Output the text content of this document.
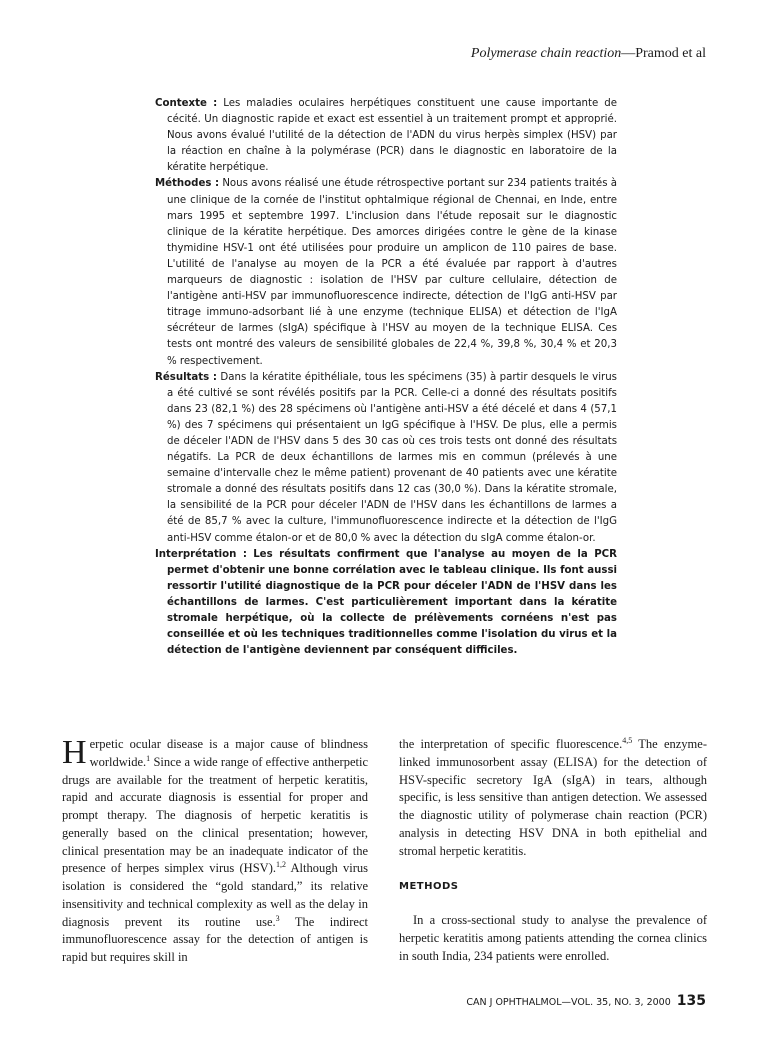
Polymerase chain reaction—Pramod et al

Contexte : Les maladies oculaires herpétiques constituent une cause importante de cécité. Un diagnostic rapide et exact est essentiel à un traitement prompt et approprié. Nous avons évalué l'utilité de la détection de l'ADN du virus herpès simplex (HSV) par la réaction en chaîne à la polymérase (PCR) dans le diagnostic en laboratoire de la kératite herpétique.

Méthodes : Nous avons réalisé une étude rétrospective portant sur 234 patients traités à une clinique de la cornée de l'institut ophtalmique régional de Chennai, en Inde, entre mars 1995 et septembre 1997. L'inclusion dans l'étude reposait sur le diagnostic clinique de la kératite herpétique. Des amorces dirigées contre le gène de la kinase thymidine HSV-1 ont été utilisées pour produire un amplicon de 110 paires de base. L'utilité de l'analyse au moyen de la PCR a été évaluée par rapport à d'autres marqueurs de diagnostic : isolation de l'HSV par culture cellulaire, détection de l'antigène anti-HSV par immunofluorescence indirecte, détection de l'IgG anti-HSV par titrage immuno-adsorbant lié à une enzyme (technique ELISA) et détection de l'IgA sécréteur de larmes (sIgA) spécifique à l'HSV au moyen de la technique ELISA. Ces tests ont montré des valeurs de sensibilité globales de 22,4 %, 39,8 %, 30,4 % et 20,3 % respectivement.

Résultats : Dans la kératite épithéliale, tous les spécimens (35) à partir desquels le virus a été cultivé se sont révélés positifs par la PCR. Celle-ci a donné des résultats positifs dans 23 (82,1 %) des 28 spécimens où l'antigène anti-HSV a été décelé et dans 4 (57,1 %) des 7 spécimens qui présentaient un IgG spécifique à l'HSV. De plus, elle a permis de déceler l'ADN de l'HSV dans 5 des 30 cas où ces trois tests ont donné des résultats négatifs. La PCR de deux échantillons de larmes mis en commun (prélevés à une semaine d'intervalle chez le même patient) provenant de 40 patients avec une kératite stromale a donné des résultats positifs dans 12 cas (30,0 %). Dans la kératite stromale, la sensibilité de la PCR pour déceler l'ADN de l'HSV dans les échantillons de larmes a été de 85,7 % avec la culture, l'immunofluorescence indirecte et la détection de l'IgG anti-HSV comme étalon-or et de 80,0 % avec la détection du sIgA comme étalon-or.

Interprétation : Les résultats confirment que l'analyse au moyen de la PCR permet d'obtenir une bonne corrélation avec le tableau clinique. Ils font aussi ressortir l'utilité diagnostique de la PCR pour déceler l'ADN de l'HSV dans les échantillons de larmes. C'est particulièrement important dans la kératite stromale herpétique, où la collecte de prélèvements cornéens n'est pas conseillée et où les techniques traditionnelles comme l'isolation du virus et la détection de l'antigène deviennent par conséquent difficiles.

Herpetic ocular disease is a major cause of blindness worldwide.$^1$ Since a wide range of effective antherpetic drugs are available for the treatment of herpetic keratitis, rapid and accurate diagnosis is essential for proper and prompt therapy. The diagnosis of herpetic keratitis is generally based on the clinical presentation; however, clinical presentation may be an inadequate indicator of the presence of herpes simplex virus (HSV).$^{1,2}$ Although virus isolation is considered the “gold standard,” its relative insensitivity and technical complexity as well as the delay in diagnosis prevent its routine use.$^3$ The indirect immunofluorescence assay for the detection of antigen is rapid but requires skill in

the interpretation of specific fluorescence.$^{4,5}$ The enzyme-linked immunosorbent assay (ELISA) for the detection of HSV-specific secretory IgA (sIgA) in tears, although specific, is less sensitive than antigen detection. We assessed the diagnostic utility of polymerase chain reaction (PCR) analysis in detecting HSV DNA in both epithelial and stromal herpetic keratitis.

METHODS

In a cross-sectional study to analyse the prevalence of herpetic keratitis among patients attending the cornea clinics in south India, 234 patients were enrolled.

CAN J OPHTHALMOL—VOL. 35, NO. 3, 2000 135
